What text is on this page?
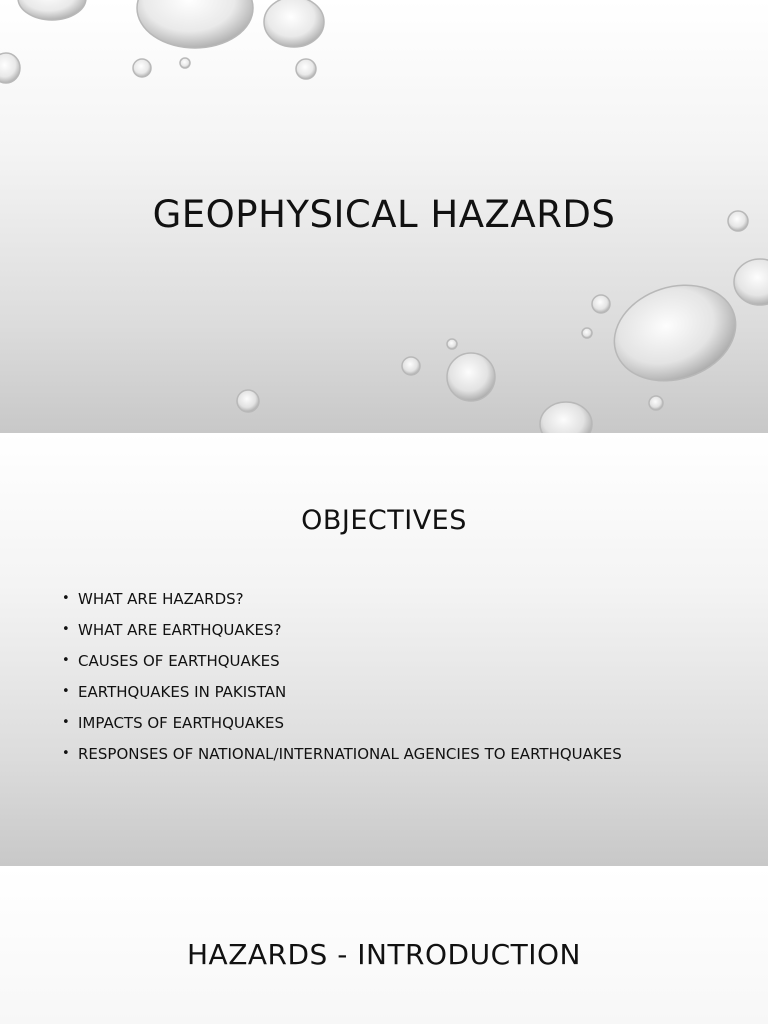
GEOPHYSICAL HAZARDS
OBJECTIVES
• WHAT ARE HAZARDS?
• WHAT ARE EARTHQUAKES?
• CAUSES OF EARTHQUAKES
• EARTHQUAKES IN PAKISTAN
• IMPACTS OF EARTHQUAKES
• RESPONSES OF NATIONAL/INTERNATIONAL AGENCIES TO EARTHQUAKES
HAZARDS - INTRODUCTION
